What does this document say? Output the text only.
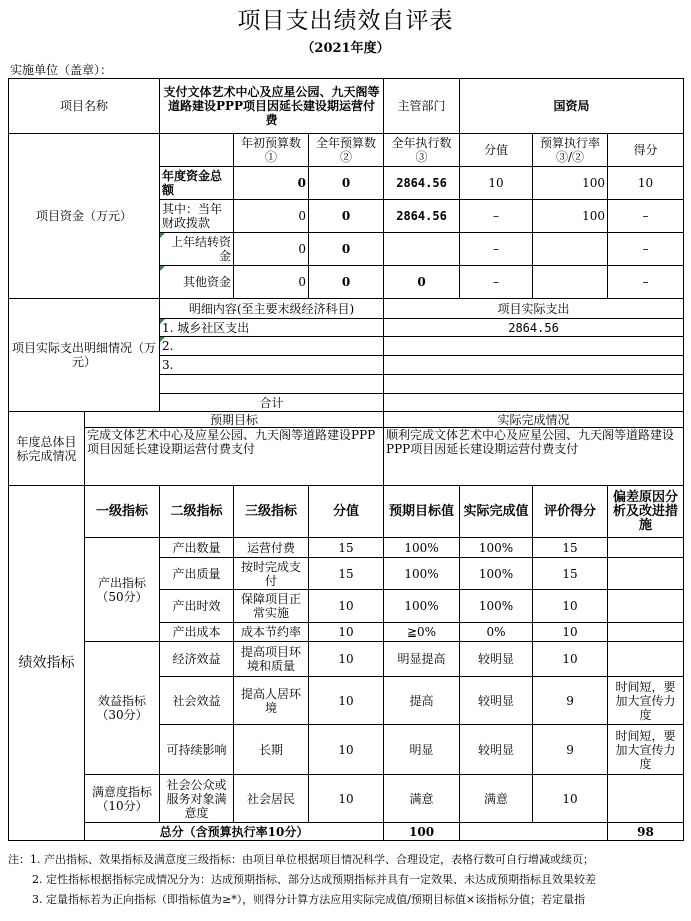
项目支出绩效自评表
（2021年度）
实施单位（盖章）：
项目名称		支付文体艺术中心及应星公园、九天阁等道路建设PPP项目因延长建设期运营付费			主管部门	国资局			
项目资金（万元）			年初预算数①	全年预算数②	全年执行数③	分值	预算执行率③/②	得分	
		年度资金总额	0	0	2864.56	10	100	10	
		其中：当年财政拨款	0	0	2864.56	–	100	–	
		上年结转资金	0	0		–		–	
		其他资金	0	0	0	–		–	
项目实际支出明细情况（万元）		明细内容(至主要末级经济科目)			项目实际支出				
		1. 城乡社区支出			2864.56				
		2.							
		3.							

		合计							
年度总体目标完成情况	预期目标				实际完成情况				
	完成文体艺术中心及应星公园、九天阁等道路建设PPP项目因延长建设期运营付费支付				顺利完成文体艺术中心及应星公园、九天阁等道路建设PPP项目因延长建设期运营付费支付				
绩效指标	一级指标	二级指标	三级指标	分值	预期目标值	实际完成值	评价得分	偏差原因分析及改进措施	
	产出指标（50分）	产出数量	运营付费	15	100%	100%	15		
		产出质量	按时完成支付	15	100%	100%	15		
		产出时效	保障项目正常实施	10	100%	100%	10		
		产出成本	成本节约率	10	≧0%	0%	10		
	效益指标（30分）	经济效益	提高项目环境和质量	10	明显提高	较明显	10		
		社会效益	提高人居环境	10	提高	较明显	9	时间短，要加大宣传力度	
		可持续影响	长期	10	明显	较明显	9	时间短，要加大宣传力度	
	满意度指标（10分）	社会公众或服务对象满意度	社会居民	10	满意	满意	10		
	总分（含预算执行率10分）				100			98	
注：1. 产出指标、效果指标及满意度三级指标：由项目单位根据项目情况科学、合理设定，表格行数可自行增减或续页；
2. 定性指标根据指标完成情况分为：达成预期指标、部分达成预期指标并具有一定效果、未达成预期指标且效果较差
3. 定量指标若为正向指标（即指标值为≥*），则得分计算方法应用实际完成值/预期目标值×该指标分值；若定量指
